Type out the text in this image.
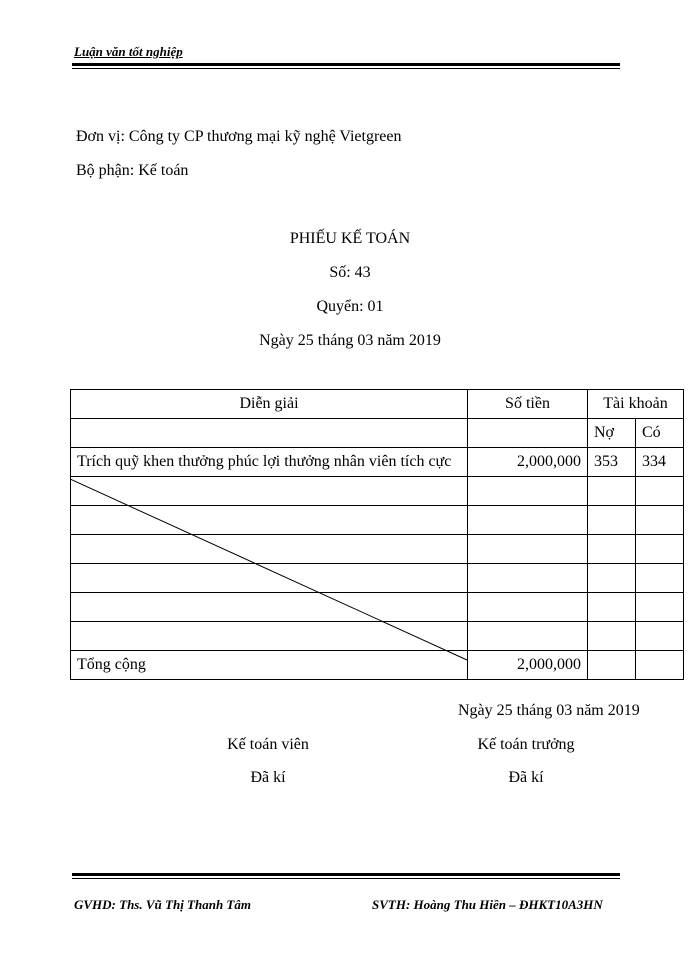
Luận văn tốt nghiệp
Đơn vị: Công ty CP thương mại kỹ nghệ Vietgreen
Bộ phận: Kế toán
PHIẾU KẾ TOÁN
Số: 43
Quyển: 01
Ngày 25 tháng 03 năm 2019
Diễn giải	Số tiền	Tài khoản	
		Nợ	Có
Trích quỹ khen thưởng phúc lợi thưởng nhân viên tích cực	2,000,000	353	334

Tổng cộng	2,000,000		
Ngày 25 tháng 03 năm 2019
Kế toán viên
Đã kí
Kế toán trưởng
Đã kí
GVHD: Ths. Vũ Thị Thanh Tâm	SVTH: Hoàng Thu Hiền – ĐHKT10A3HN
